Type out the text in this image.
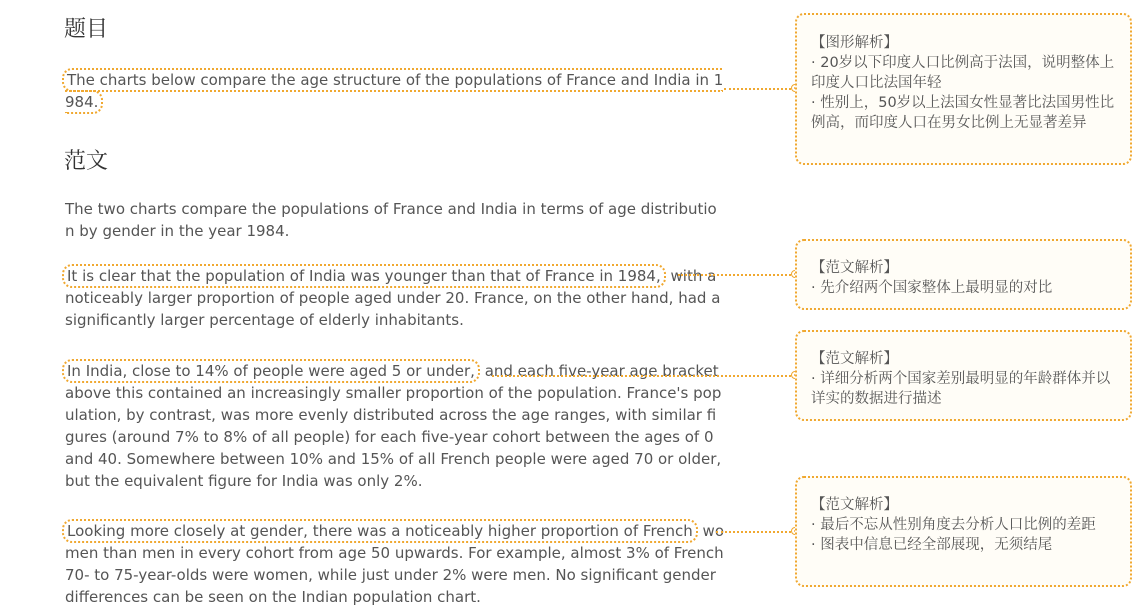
题目

The charts below compare the age structure of the populations of France and India in 1984.

范文

The two charts compare the populations of France and India in terms of age distribution by gender in the year 1984.

It is clear that the population of India was younger than that of France in 1984, with a noticeably larger proportion of people aged under 20. France, on the other hand, had a significantly larger percentage of elderly inhabitants.

In India, close to 14% of people were aged 5 or under, and each five-year age bracket above this contained an increasingly smaller proportion of the population. France's population, by contrast, was more evenly distributed across the age ranges, with similar figures (around 7% to 8% of all people) for each five-year cohort between the ages of 0 and 40. Somewhere between 10% and 15% of all French people were aged 70 or older, but the equivalent figure for India was only 2%.

Looking more closely at gender, there was a noticeably higher proportion of French women than men in every cohort from age 50 upwards. For example, almost 3% of French 70- to 75-year-olds were women, while just under 2% were men. No significant gender differences can be seen on the Indian population chart.

【图形解析】
· 20岁以下印度人口比例高于法国，说明整体上印度人口比法国年轻
· 性别上，50岁以上法国女性显著比法国男性比例高，而印度人口在男女比例上无显著差异
【范文解析】
· 先介绍两个国家整体上最明显的对比
【范文解析】
· 详细分析两个国家差别最明显的年龄群体并以详实的数据进行描述
【范文解析】
· 最后不忘从性别角度去分析人口比例的差距
· 图表中信息已经全部展现，无须结尾
